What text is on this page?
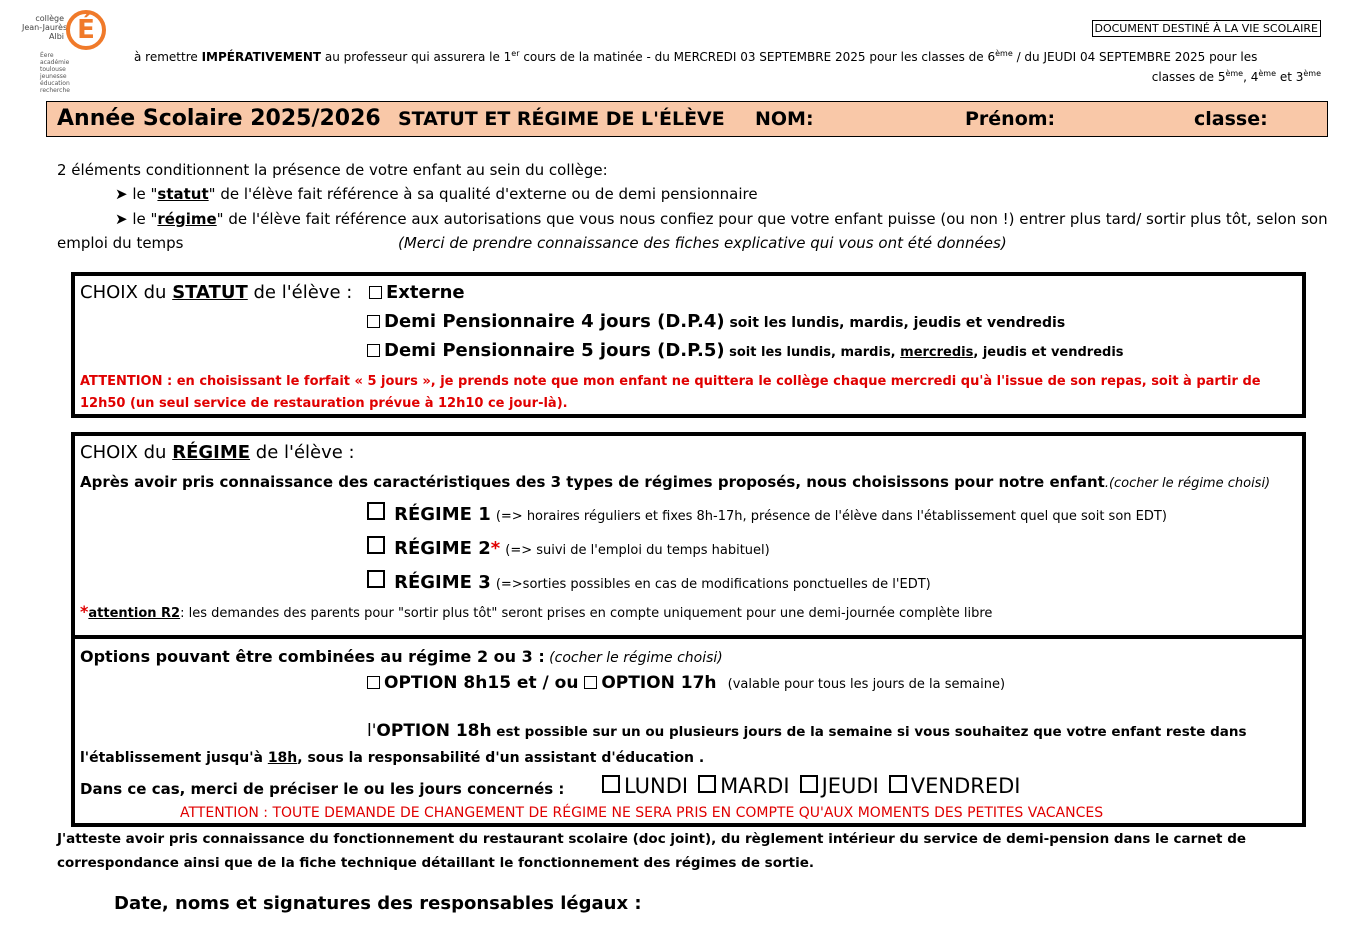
collège
Jean-Jaurès
Albi É
Éere
académie
toulouse
jeunesse
éducation
recherche
DOCUMENT DESTINÉ À LA VIE SCOLAIRE
à remettre IMPÉRATIVEMENT au professeur qui assurera le 1er cours de la matinée - du MERCREDI 03 SEPTEMBRE 2025 pour les classes de 6ème / du JEUDI 04 SEPTEMBRE 2025 pour les
classes de 5ème, 4ème et 3ème
Année Scolaire 2025/2026 STATUT ET RÉGIME DE L'ÉLÈVE NOM:	Prénom:	classe:
2 éléments conditionnent la présence de votre enfant au sein du collège:
➤ le "statut" de l'élève fait référence à sa qualité d'externe ou de demi pensionnaire
➤ le "régime" de l'élève fait référence aux autorisations que vous nous confiez pour que votre enfant puisse (ou non !) entrer plus tard/ sortir plus tôt, selon son
emploi du temps	(Merci de prendre connaissance des fiches explicative qui vous ont été données)
CHOIX du STATUT de l'élève :	Externe
Demi Pensionnaire 4 jours (D.P.4) soit les lundis, mardis, jeudis et vendredis
Demi Pensionnaire 5 jours (D.P.5) soit les lundis, mardis, mercredis, jeudis et vendredis
ATTENTION : en choisissant le forfait « 5 jours », je prends note que mon enfant ne quittera le collège chaque mercredi qu'à l'issue de son repas, soit à partir de
12h50 (un seul service de restauration prévue à 12h10 ce jour-là).
CHOIX du RÉGIME de l'élève :
Après avoir pris connaissance des caractéristiques des 3 types de régimes proposés, nous choisissons pour notre enfant.(cocher le régime choisi)
RÉGIME 1 (=> horaires réguliers et fixes 8h-17h, présence de l'élève dans l'établissement quel que soit son EDT)
RÉGIME 2* (=> suivi de l'emploi du temps habituel)
RÉGIME 3 (=>sorties possibles en cas de modifications ponctuelles de l'EDT)
*attention R2: les demandes des parents pour "sortir plus tôt" seront prises en compte uniquement pour une demi-journée complète libre
Options pouvant être combinées au régime 2 ou 3 : (cocher le régime choisi)
OPTION 8h15 et / ou OPTION 17h (valable pour tous les jours de la semaine)
l'OPTION 18h est possible sur un ou plusieurs jours de la semaine si vous souhaitez que votre enfant reste dans
l'établissement jusqu'à 18h, sous la responsabilité d'un assistant d'éducation .
Dans ce cas, merci de préciser le ou les jours concernés :	LUNDI MARDI JEUDI VENDREDI
ATTENTION : TOUTE DEMANDE DE CHANGEMENT DE RÉGIME NE SERA PRIS EN COMPTE QU'AUX MOMENTS DES PETITES VACANCES
J'atteste avoir pris connaissance du fonctionnement du restaurant scolaire (doc joint), du règlement intérieur du service de demi-pension dans le carnet de
correspondance ainsi que de la fiche technique détaillant le fonctionnement des régimes de sortie.
Date, noms et signatures des responsables légaux :
